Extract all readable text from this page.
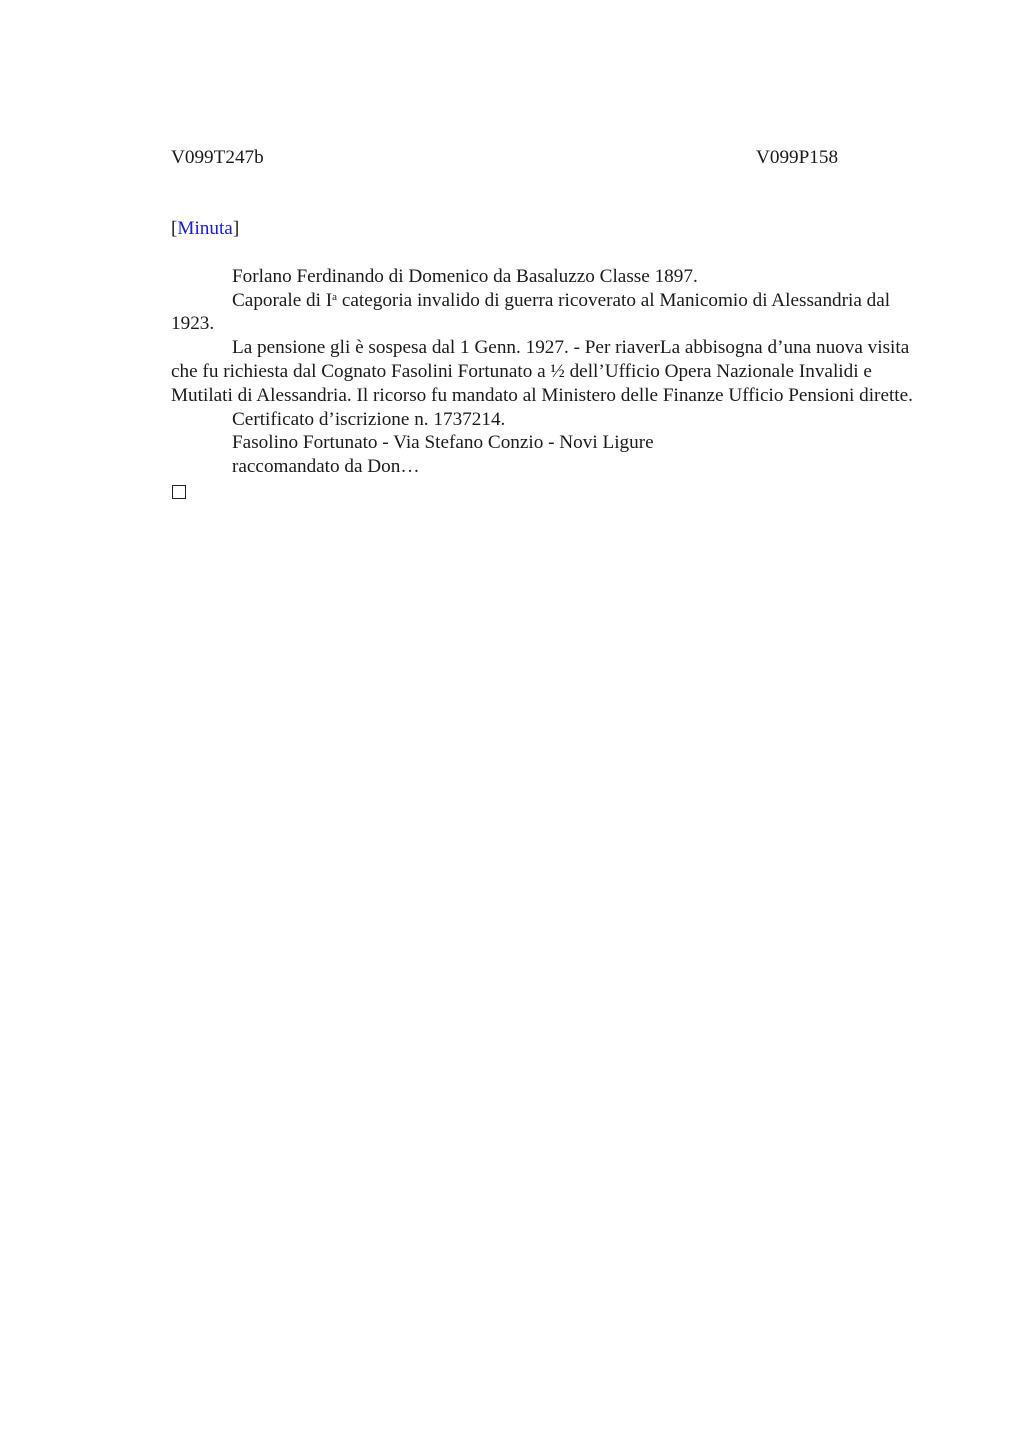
V099T247b	V099P158
[Minuta]

Forlano Ferdinando di Domenico da Basaluzzo Classe 1897.

Caporale di $I^a$ categoria invalido di guerra ricoverato al Manicomio di Alessandria dal 1923.

La pensione gli è sospesa dal 1 Genn. 1927. - Per riaverLa abbisogna d’una nuova visita che fu richiesta dal Cognato Fasolini Fortunato a ½ dell’Ufficio Opera Nazionale Invalidi e Mutilati di Alessandria. Il ricorso fu mandato al Ministero delle Finanze Ufficio Pensioni dirette.

Certificato d’iscrizione n. 1737214.

Fasolino Fortunato - Via Stefano Conzio - Novi Ligure

raccomandato da Don…
